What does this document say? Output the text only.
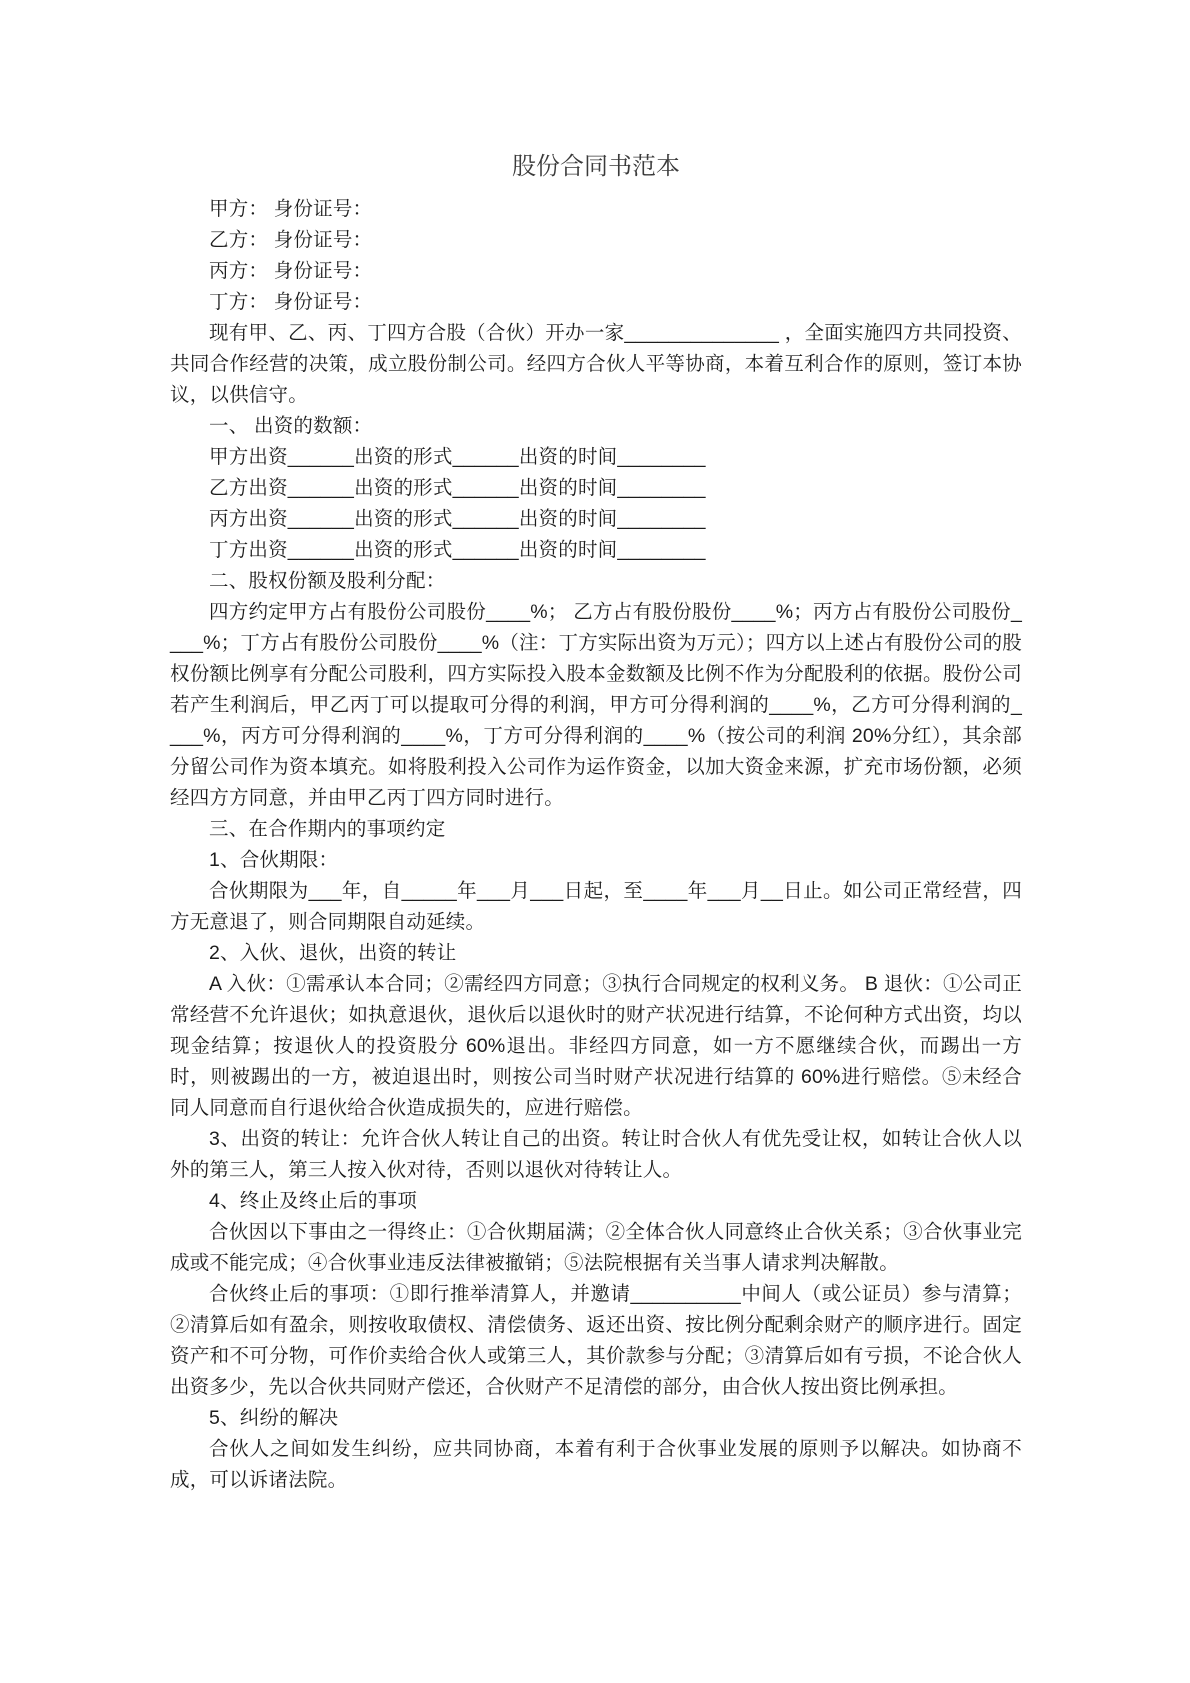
股份合同书范本

甲方： 身份证号：

乙方： 身份证号：

丙方： 身份证号：

丁方： 身份证号：

现有甲、乙、丙、丁四方合股（合伙）开办一家______________ ，全面实施四方共同投资、共同合作经营的决策，成立股份制公司。经四方合伙人平等协商，本着互利合作的原则，签订本协议，以供信守。

一、 出资的数额：

甲方出资______出资的形式______出资的时间________

乙方出资______出资的形式______出资的时间________

丙方出资______出资的形式______出资的时间________

丁方出资______出资的形式______出资的时间________

二、股权份额及股利分配：

四方约定甲方占有股份公司股份____%； 乙方占有股份股份____%；丙方占有股份公司股份____%；丁方占有股份公司股份____%（注：丁方实际出资为万元）；四方以上述占有股份公司的股权份额比例享有分配公司股利，四方实际投入股本金数额及比例不作为分配股利的依据。股份公司若产生利润后，甲乙丙丁可以提取可分得的利润，甲方可分得利润的____%，乙方可分得利润的____%，丙方可分得利润的____%，丁方可分得利润的____%（按公司的利润 20%分红），其余部分留公司作为资本填充。如将股利投入公司作为运作资金，以加大资金来源，扩充市场份额，必须经四方方同意，并由甲乙丙丁四方同时进行。

三、在合作期内的事项约定

1、合伙期限：

合伙期限为___年，自_____年___月___日起，至____年___月__日止。如公司正常经营，四方无意退了，则合同期限自动延续。

2、入伙、退伙，出资的转让

A 入伙：①需承认本合同；②需经四方同意；③执行合同规定的权利义务。 B 退伙：①公司正常经营不允许退伙；如执意退伙，退伙后以退伙时的财产状况进行结算，不论何种方式出资，均以现金结算；按退伙人的投资股分 60%退出。非经四方同意，如一方不愿继续合伙，而踢出一方时，则被踢出的一方，被迫退出时，则按公司当时财产状况进行结算的 60%进行赔偿。⑤未经合同人同意而自行退伙给合伙造成损失的，应进行赔偿。

3、出资的转让：允许合伙人转让自己的出资。转让时合伙人有优先受让权，如转让合伙人以外的第三人，第三人按入伙对待，否则以退伙对待转让人。

4、终止及终止后的事项

合伙因以下事由之一得终止：①合伙期届满；②全体合伙人同意终止合伙关系；③合伙事业完成或不能完成；④合伙事业违反法律被撤销；⑤法院根据有关当事人请求判决解散。

合伙终止后的事项：①即行推举清算人，并邀请__________中间人（或公证员）参与清算；②清算后如有盈余，则按收取债权、清偿债务、返还出资、按比例分配剩余财产的顺序进行。固定资产和不可分物，可作价卖给合伙人或第三人，其价款参与分配；③清算后如有亏损，不论合伙人出资多少，先以合伙共同财产偿还，合伙财产不足清偿的部分，由合伙人按出资比例承担。

5、纠纷的解决

合伙人之间如发生纠纷，应共同协商，本着有利于合伙事业发展的原则予以解决。如协商不成，可以诉诸法院。
